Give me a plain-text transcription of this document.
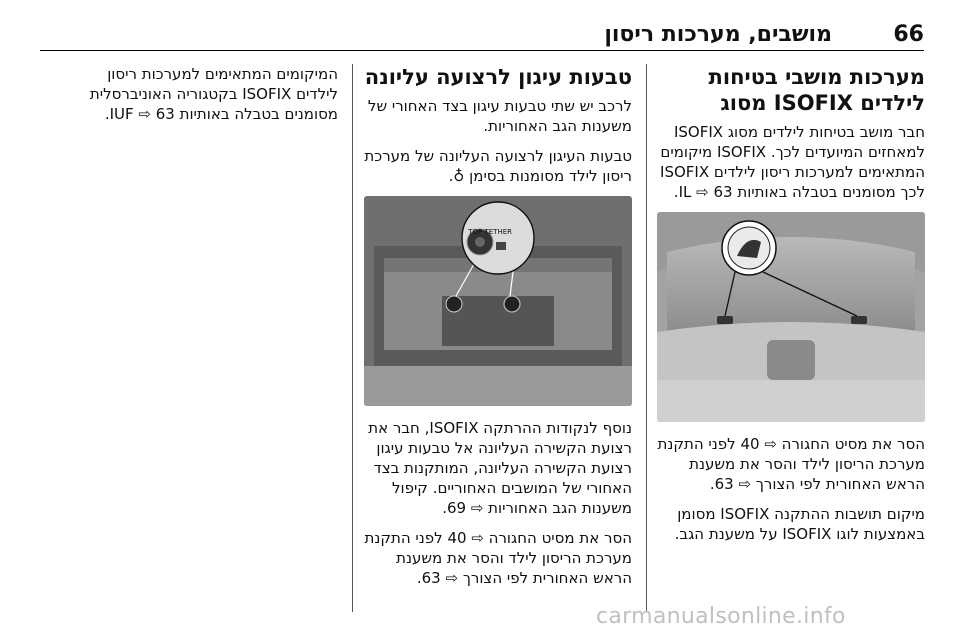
66
מושבים, מערכות ריסון
מערכות מושבי בטיחות לילדים ISOFIX מסוג

חבר מושב בטיחות לילדים מסוג ISOFIX למאחזים המיועדים לכך. ISOFIX מיקומים המתאימים למערכות ריסון לילדים ISOFIX לכך מסומנים בטבלה באותיות IL ⇨ 63.

הסר את מסיט החגורה ⇨ 40 לפני התקנת מערכת הריסון לילד והסר את משענת הראש האחורית לפי הצורך ⇨ 63.

מיקום תושבות ההתקנה ISOFIX מסומן באמצעות לוגו ISOFIX על משענת הגב.

טבעות עיגון לרצועה עליונה

לרכב יש שתי טבעות עיגון בצד האחורי של משענות הגב האחוריות.

טבעות העיגון לרצועה העליונה של מערכת ריסון לילד מסומנות בסימן ♁.

TOP TETHER

נוסף לנקודות ההרתקה ISOFIX, חבר את רצועת הקשירה העליונה אל טבעות עיגון רצועת הקשירה העליונה, המותקנות בצד האחורי של המושבים האחוריים. קיפול משענות הגב האחוריות ⇨ 69.

הסר את מסיט החגורה ⇨ 40 לפני התקנת מערכת הריסון לילד והסר את משענת הראש האחורית לפי הצורך ⇨ 63.

המיקומים המתאימים למערכות ריסון לילדים ISOFIX בקטגוריה האוניברסלית מסומנים בטבלה באותיות IUF ⇨ 63.

carmanualsonline.info
